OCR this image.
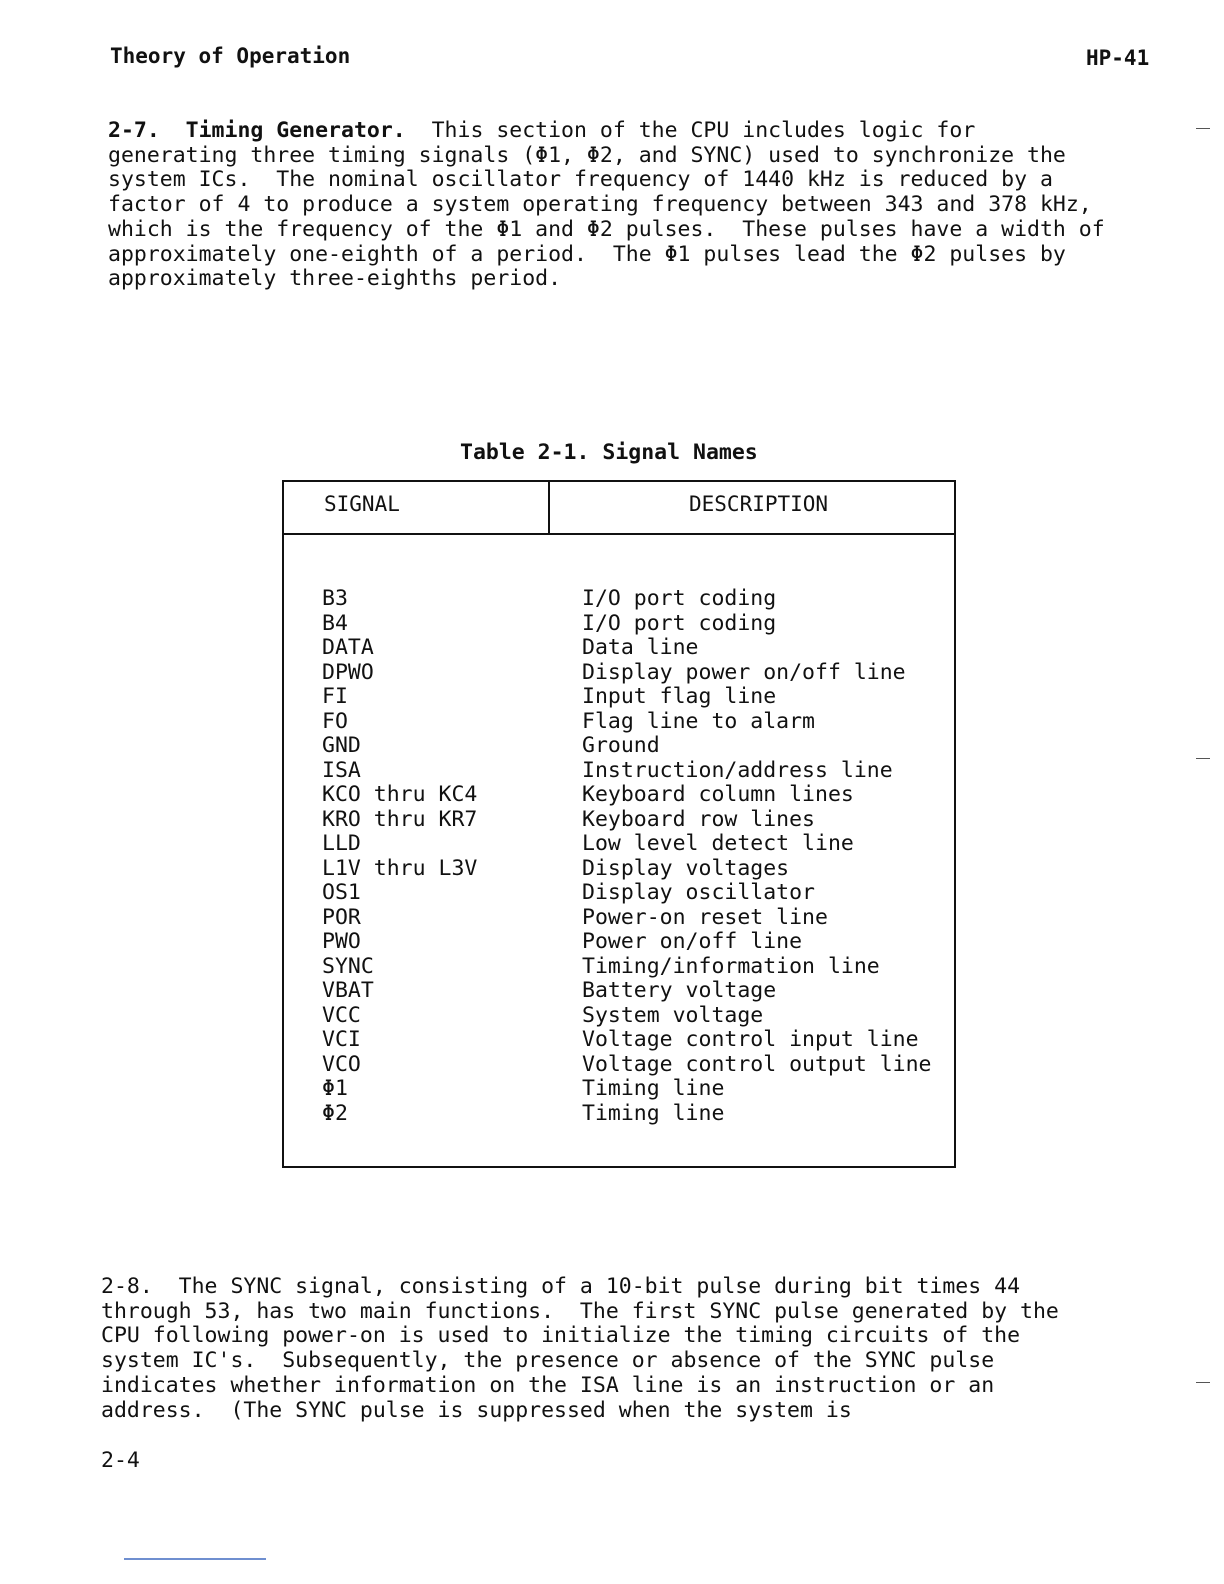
Theory of Operation	HP-41
2-7.  Timing Generator.  This section of the CPU includes logic for
generating three timing signals (Φ1, Φ2, and SYNC) used to synchronize the
system ICs.  The nominal oscillator frequency of 1440 kHz is reduced by a
factor of 4 to produce a system operating frequency between 343 and 378 kHz,
which is the frequency of the Φ1 and Φ2 pulses.  These pulses have a width of
approximately one-eighth of a period.  The Φ1 pulses lead the Φ2 pulses by
approximately three-eighths period.
Table 2-1. Signal Names
SIGNAL	DESCRIPTION
B3	I/O port coding
B4	I/O port coding
DATA	Data line
DPWO	Display power on/off line
FI	Input flag line
FO	Flag line to alarm
GND	Ground
ISA	Instruction/address line
KCO thru KC4	Keyboard column lines
KRO thru KR7	Keyboard row lines
LLD	Low level detect line
L1V thru L3V	Display voltages
OS1	Display oscillator
POR	Power-on reset line
PWO	Power on/off line
SYNC	Timing/information line
VBAT	Battery voltage
VCC	System voltage
VCI	Voltage control input line
VCO	Voltage control output line
Φ1	Timing line
Φ2	Timing line
2-8.  The SYNC signal, consisting of a 10-bit pulse during bit times 44
through 53, has two main functions.  The first SYNC pulse generated by the
CPU following power-on is used to initialize the timing circuits of the
system IC's.  Subsequently, the presence or absence of the SYNC pulse
indicates whether information on the ISA line is an instruction or an
address.  (The SYNC pulse is suppressed when the system is
2-4
